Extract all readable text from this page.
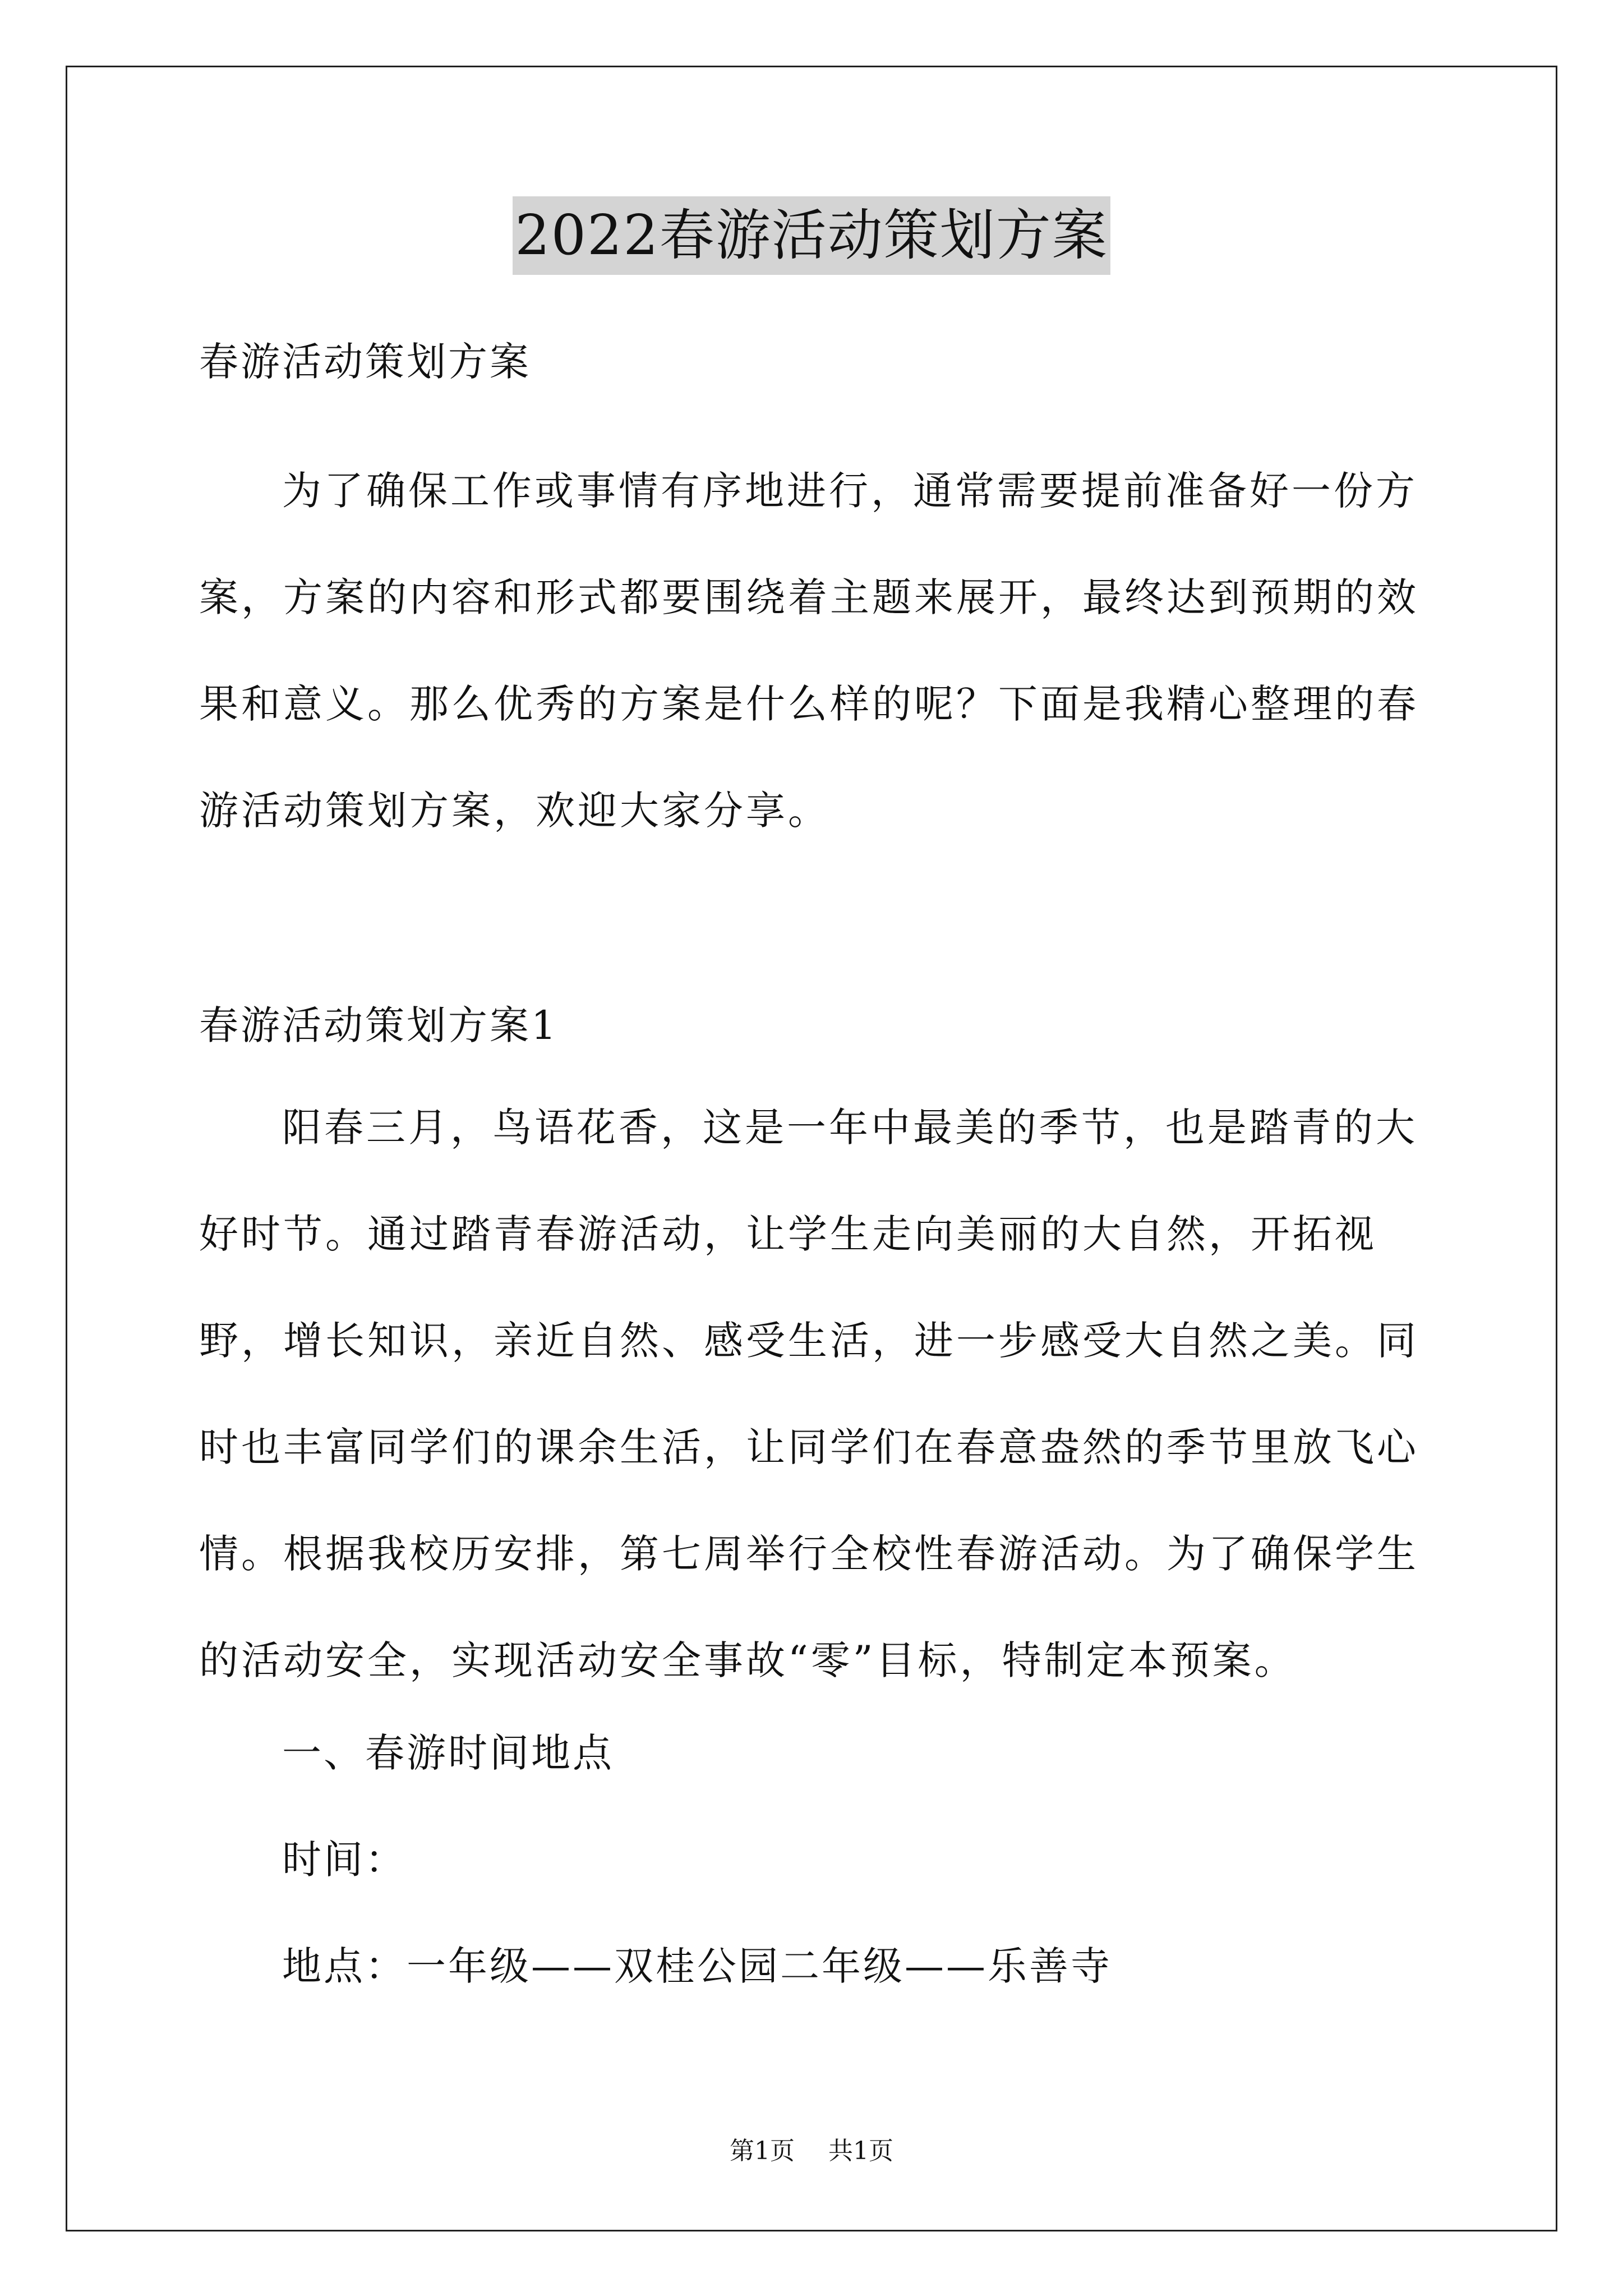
2022春游活动策划方案

春游活动策划方案

为了确保工作或事情有序地进行，通常需要提前准备好一份方案，方案的内容和形式都要围绕着主题来展开，最终达到预期的效果和意义。那么优秀的方案是什么样的呢？下面是我精心整理的春游活动策划方案，欢迎大家分享。

春游活动策划方案1

阳春三月，鸟语花香，这是一年中最美的季节，也是踏青的大好时节。通过踏青春游活动，让学生走向美丽的大自然，开拓视野，增长知识，亲近自然、感受生活，进一步感受大自然之美。同时也丰富同学们的课余生活，让同学们在春意盎然的季节里放飞心情。根据我校历安排，第七周举行全校性春游活动。为了确保学生的活动安全，实现活动安全事故“零”目标，特制定本预案。

一、春游时间地点

时间：

地点：一年级——双桂公园二年级——乐善寺

第1页 共1页
